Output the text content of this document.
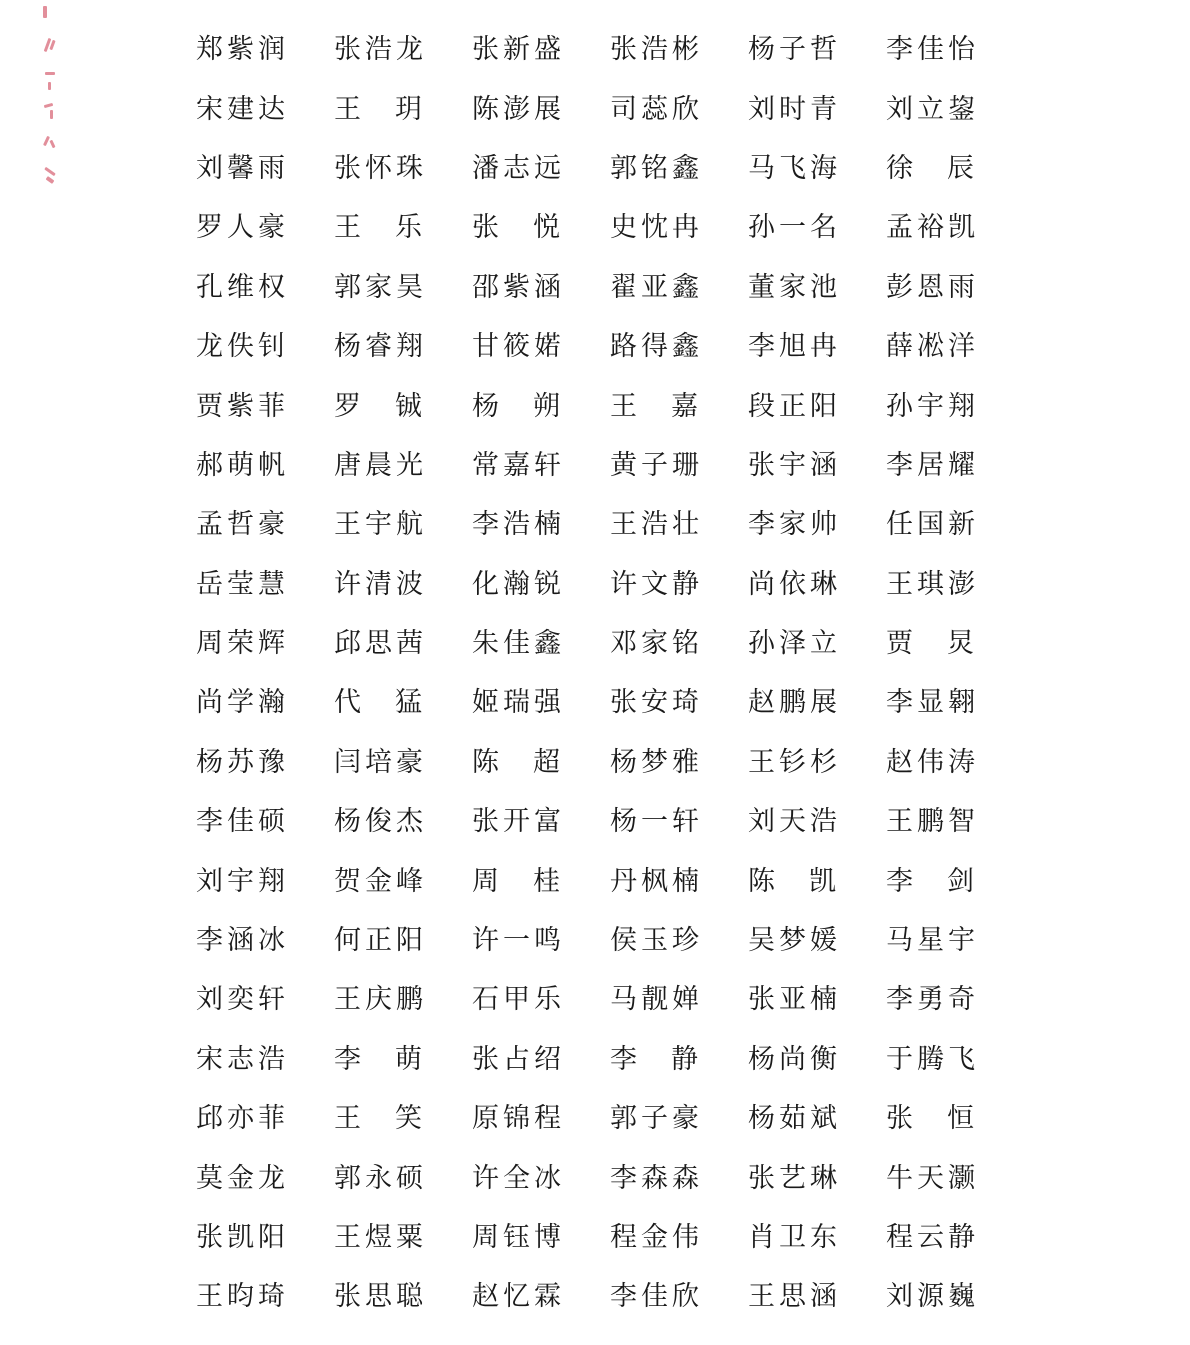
郑 紫 润 张 浩 龙 张 新 盛 张 浩 彬 杨 子 哲 李 佳 怡
宋 建 达 王 玥 陈 澎 展 司 蕊 欣 刘 时 青 刘 立 鋆
刘 馨 雨 张 怀 珠 潘 志 远 郭 铭 鑫 马 飞 海 徐 辰
罗 人 豪 王 乐 张 悦 史 忱 冉 孙 一 名 孟 裕 凯
孔 维 权 郭 家 昊 邵 紫 涵 翟 亚 鑫 董 家 池 彭 恩 雨
龙 佚 钊 杨 睿 翔 甘 筱 婼 路 得 鑫 李 旭 冉 薛 凇 洋
贾 紫 菲 罗 铖 杨 朔 王 嘉 段 正 阳 孙 宇 翔
郝 萌 帆 唐 晨 光 常 嘉 轩 黄 子 珊 张 宇 涵 李 居 耀
孟 哲 豪 王 宇 航 李 浩 楠 王 浩 壮 李 家 帅 任 国 新
岳 莹 慧 许 清 波 化 瀚 锐 许 文 静 尚 依 琳 王 琪 澎
周 荣 辉 邱 思 茜 朱 佳 鑫 邓 家 铭 孙 泽 立 贾 炅
尚 学 瀚 代 猛 姬 瑞 强 张 安 琦 赵 鹏 展 李 显 翱
杨 苏 豫 闫 培 豪 陈 超 杨 梦 雅 王 钐 杉 赵 伟 涛
李 佳 硕 杨 俊 杰 张 开 富 杨 一 轩 刘 天 浩 王 鹏 智
刘 宇 翔 贺 金 峰 周 桂 丹 枫 楠 陈 凯 李 剑
李 涵 冰 何 正 阳 许 一 鸣 侯 玉 珍 吴 梦 媛 马 星 宇
刘 奕 轩 王 庆 鹏 石 甲 乐 马 靓 婵 张 亚 楠 李 勇 奇
宋 志 浩 李 萌 张 占 绍 李 静 杨 尚 衡 于 腾 飞
邱 亦 菲 王 笑 原 锦 程 郭 子 豪 杨 茹 斌 张 恒
莫 金 龙 郭 永 硕 许 全 冰 李 森 森 张 艺 琳 牛 天 灏
张 凯 阳 王 煜 粟 周 钰 博 程 金 伟 肖 卫 东 程 云 静
王 昀 琦 张 思 聪 赵 忆 霖 李 佳 欣 王 思 涵 刘 源 巍
